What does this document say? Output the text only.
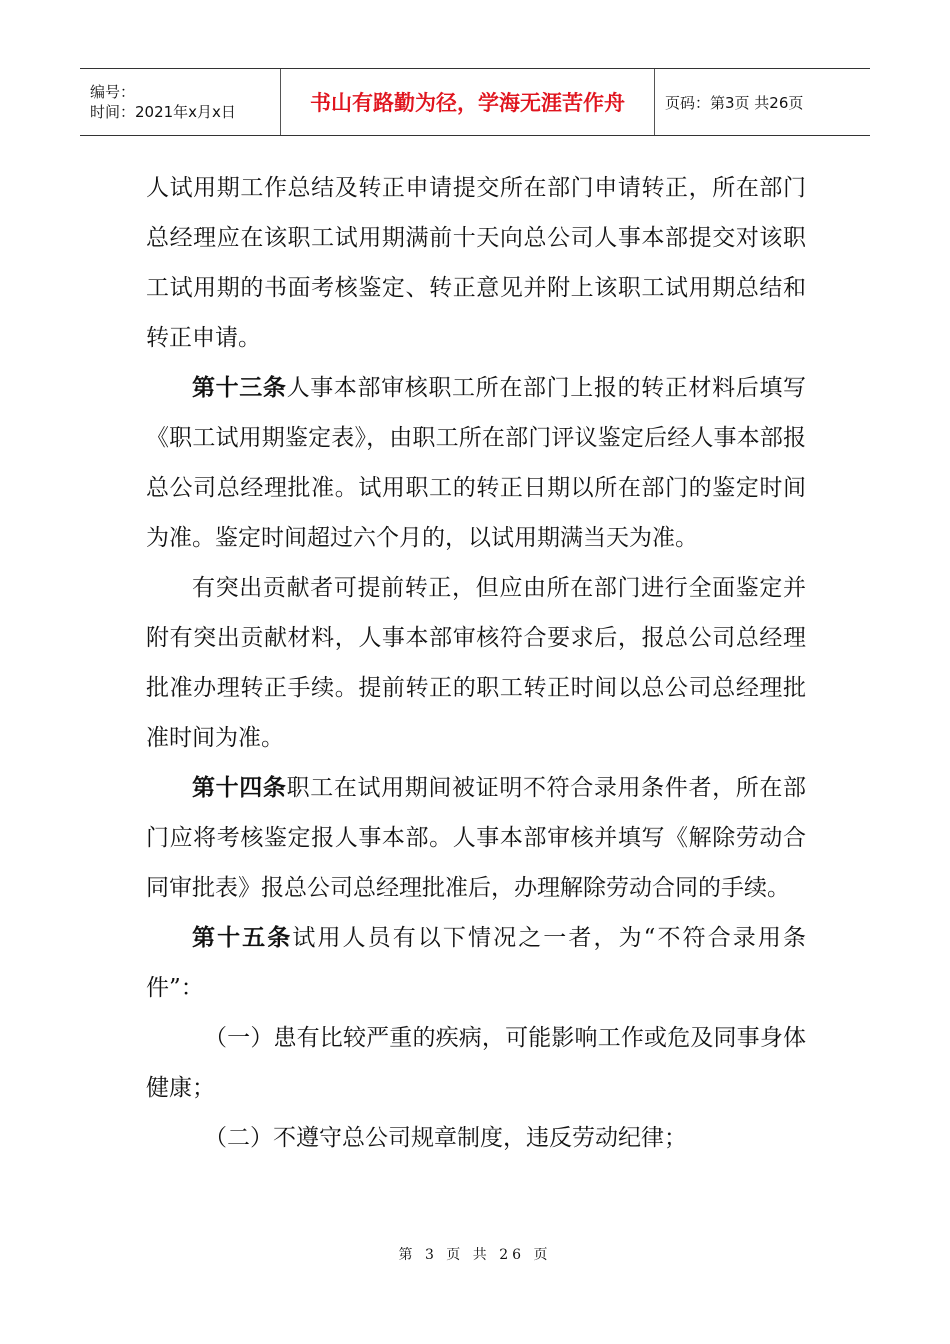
编号：
时间：2021年x月x日	书山有路勤为径，学海无涯苦作舟	页码：第3页 共26页

人试用期工作总结及转正申请提交所在部门申请转正，所在部门总经理应在该职工试用期满前十天向总公司人事本部提交对该职工试用期的书面考核鉴定、转正意见并附上该职工试用期总结和转正申请。

第十三条人事本部审核职工所在部门上报的转正材料后填写《职工试用期鉴定表》，由职工所在部门评议鉴定后经人事本部报总公司总经理批准。试用职工的转正日期以所在部门的鉴定时间为准。鉴定时间超过六个月的，以试用期满当天为准。

有突出贡献者可提前转正，但应由所在部门进行全面鉴定并附有突出贡献材料，人事本部审核符合要求后，报总公司总经理批准办理转正手续。提前转正的职工转正时间以总公司总经理批准时间为准。

第十四条职工在试用期间被证明不符合录用条件者，所在部门应将考核鉴定报人事本部。人事本部审核并填写《解除劳动合同审批表》报总公司总经理批准后，办理解除劳动合同的手续。

第十五条试用人员有以下情况之一者，为“不符合录用条件”：

（一）患有比较严重的疾病，可能影响工作或危及同事身体健康；

（二）不遵守总公司规章制度，违反劳动纪律；

第 3 页 共 26 页
